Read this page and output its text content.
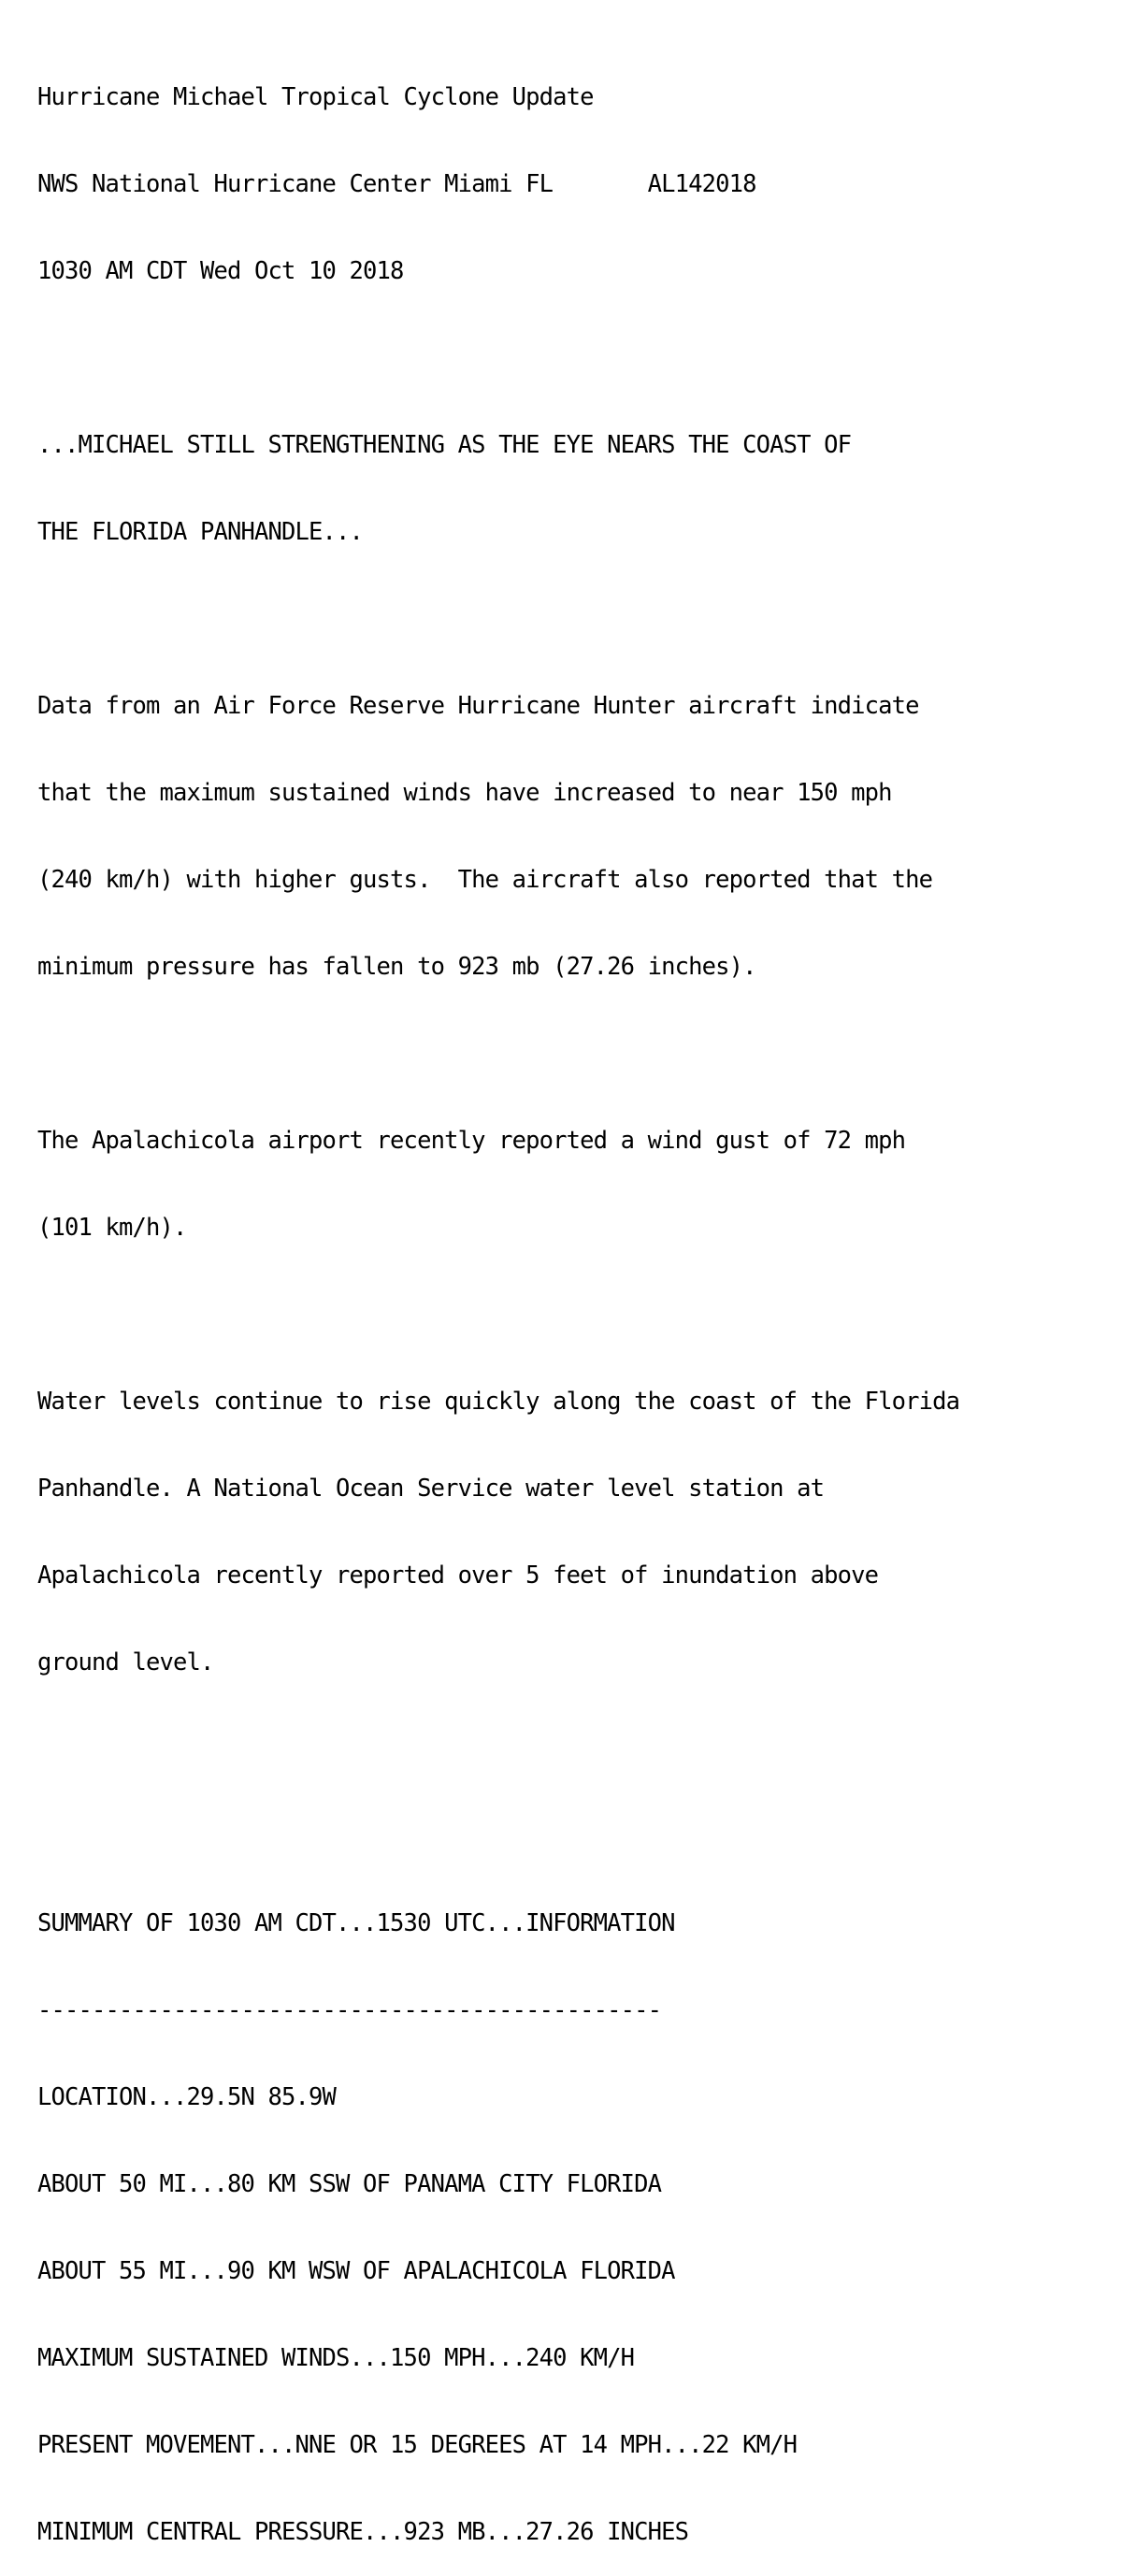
Hurricane Michael Tropical Cyclone Update

NWS National Hurricane Center Miami FL	AL142018

1030 AM CDT Wed Oct 10 2018

...MICHAEL STILL STRENGTHENING AS THE EYE NEARS THE COAST OF

THE FLORIDA PANHANDLE...

Data from an Air Force Reserve Hurricane Hunter aircraft indicate

that the maximum sustained winds have increased to near 150 mph

(240 km/h) with higher gusts.  The aircraft also reported that the

minimum pressure has fallen to 923 mb (27.26 inches).

The Apalachicola airport recently reported a wind gust of 72 mph

(101 km/h).

Water levels continue to rise quickly along the coast of the Florida

Panhandle. A National Ocean Service water level station at

Apalachicola recently reported over 5 feet of inundation above

ground level.

SUMMARY OF 1030 AM CDT...1530 UTC...INFORMATION

----------------------------------------------

LOCATION...29.5N 85.9W

ABOUT 50 MI...80 KM SSW OF PANAMA CITY FLORIDA

ABOUT 55 MI...90 KM WSW OF APALACHICOLA FLORIDA

MAXIMUM SUSTAINED WINDS...150 MPH...240 KM/H

PRESENT MOVEMENT...NNE OR 15 DEGREES AT 14 MPH...22 KM/H

MINIMUM CENTRAL PRESSURE...923 MB...27.26 INCHES
